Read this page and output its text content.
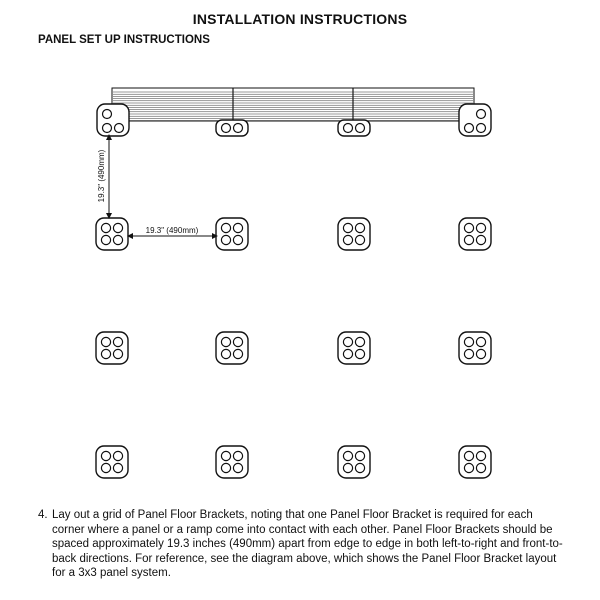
INSTALLATION INSTRUCTIONS
PANEL SET UP INSTRUCTIONS
19.3" (490mm)
19.3" (490mm)
4. Lay out a grid of Panel Floor Brackets, noting that one Panel Floor Bracket is required for each corner where a panel or a ramp come into contact with each other. Panel Floor Brackets should be spaced approximately 19.3 inches (490mm) apart from edge to edge in both left-to-right and front-to-back directions. For reference, see the diagram above, which shows the Panel Floor Bracket layout for a 3x3 panel system.
